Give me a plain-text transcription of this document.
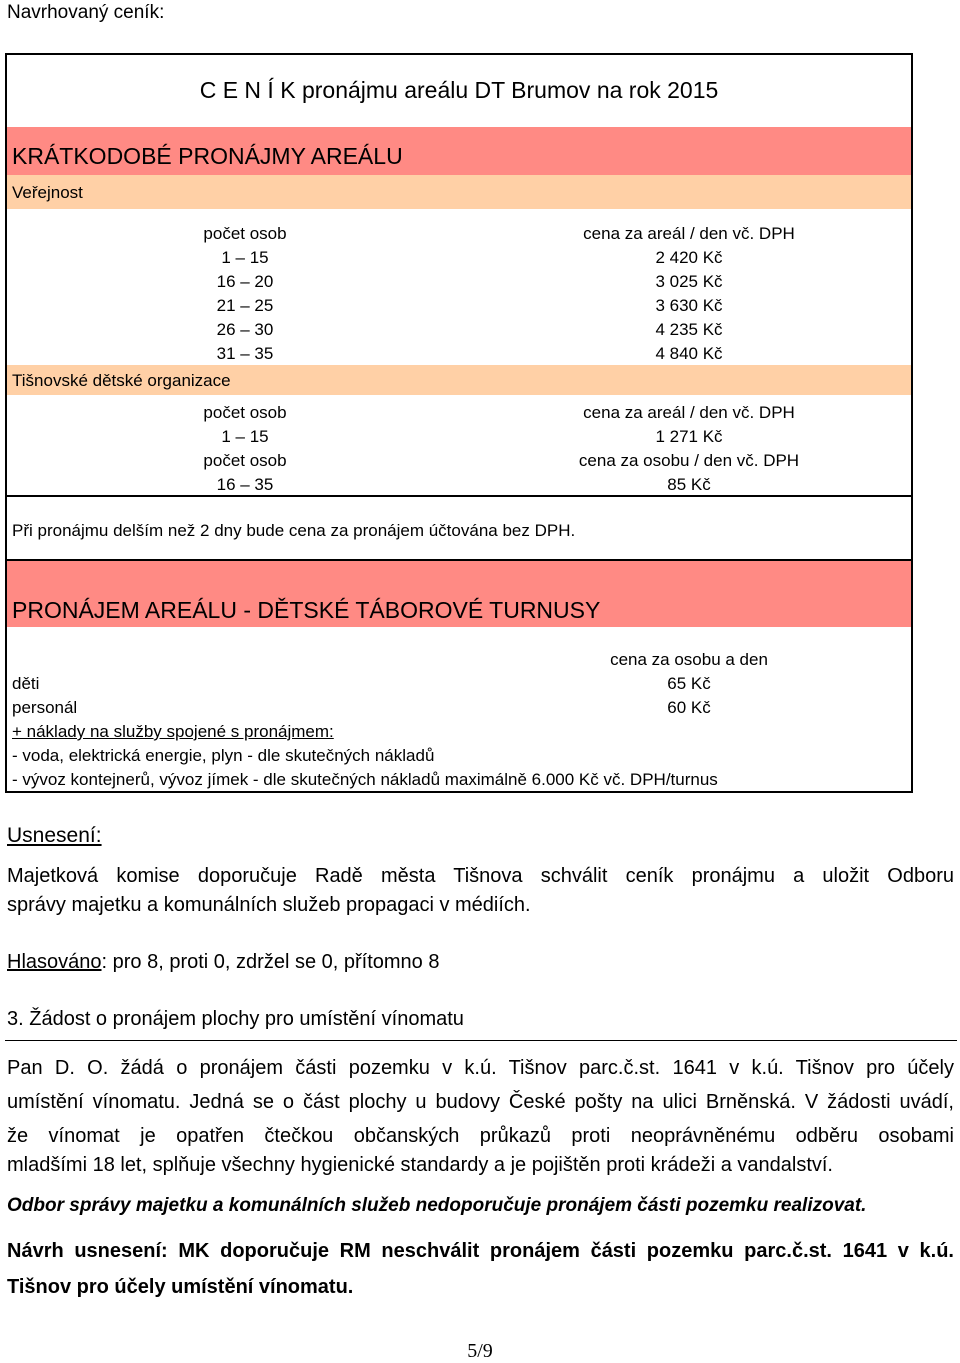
Navrhovaný ceník:
C E N Í K pronájmu areálu DT Brumov na rok 2015
KRÁTKODOBÉ PRONÁJMY AREÁLU
Veřejnost
počet osob	cena za areál / den vč. DPH
1 – 15	2 420 Kč
16 – 20	3 025 Kč
21 – 25	3 630 Kč
26 – 30	4 235 Kč
31 – 35	4 840 Kč
Tišnovské dětské organizace
počet osob	cena za areál / den vč. DPH
1 – 15	1 271 Kč
počet osob	cena za osobu / den vč. DPH
16 – 35	85 Kč
Při pronájmu delším než 2 dny bude cena za pronájem účtována bez DPH.
PRONÁJEM AREÁLU - DĚTSKÉ TÁBOROVÉ TURNUSY
cena za osobu a den
děti	65 Kč
personál	60 Kč
+ náklady na služby spojené s pronájmem:
- voda, elektrická energie, plyn - dle skutečných nákladů
- vývoz kontejnerů, vývoz jímek - dle skutečných nákladů maximálně 6.000 Kč vč. DPH/turnus
Usnesení:
Majetková komise doporučuje Radě města Tišnova schválit ceník pronájmu a uložit Odboru
správy majetku a komunálních služeb propagaci v médiích.
Hlasováno: pro 8, proti 0, zdržel se 0, přítomno 8
3. Žádost o pronájem plochy pro umístění vínomatu
Pan D. O. žádá o pronájem části pozemku v k.ú. Tišnov parc.č.st. 1641 v k.ú. Tišnov pro účely
umístění vínomatu. Jedná se o část plochy u budovy České pošty na ulici Brněnská. V žádosti uvádí,
že vínomat je opatřen čtečkou občanských průkazů proti neoprávněnému odběru osobami
mladšími 18 let, splňuje všechny hygienické standardy a je pojištěn proti krádeži a vandalství.
Odbor správy majetku a komunálních služeb nedoporučuje pronájem části pozemku realizovat.
Návrh usnesení: MK doporučuje RM neschválit pronájem části pozemku parc.č.st. 1641 v k.ú.
Tišnov pro účely umístění vínomatu.
5/9
